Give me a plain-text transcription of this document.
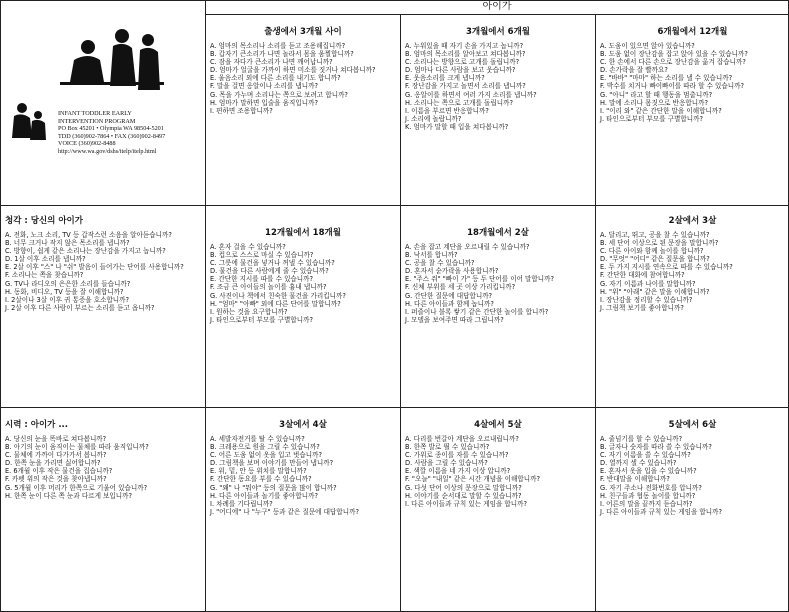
아이가
INFANT TODDLER EARLY
INTERVENTION PROGRAM
PO Box 45201 • Olympia WA 98504-5201
TDD (360)902-7864 • FAX (360)902-8497
VOICE (360)902-8488
http://www.wa.gov/dshs/itelp/itelp.html
출생에서 3개월 사이
A. 엄마의 목소리나 소리를 듣고 조용해집니까?
B. 갑자기 큰소리가 나면 놀라서 몸을 움찔합니까?
C. 잠을 자다가 큰소리가 나면 깨어납니까?
D. 엄마가 얼굴을 가까이 하면 미소를 짓거나 쳐다봅니까?
E. 울음소리 외에 다른 소리를 내기도 합니까?
F. 말을 걸면 옹알이나 소리를 냅니까?
G. 목을 가누며 소리나는 쪽으로 보려고 합니까?
H. 엄마가 말하면 입술을 움직입니까?
I. 편하면 조용합니까?
3개월에서 6개월
A. 누워있을 때 자기 손을 가지고 놉니까?
B. 엄마의 목소리를 알아보고 쳐다봅니까?
C. 소리나는 방향으로 고개를 돌립니까?
D. 엄마나 다른 사람을 보고 웃습니까?
E. 웃음소리를 크게 냅니까?
F. 장난감을 가지고 놀면서 소리를 냅니까?
G. 옹알이를 하면서 여러 가지 소리를 냅니까?
H. 소리나는 쪽으로 고개를 돌립니까?
I. 이름을 부르면 반응합니까?
J. 소리에 놀랍니까?
K. 엄마가 말할 때 입을 쳐다봅니까?
6개월에서 12개월
A. 도움이 있으면 앉아 있습니까?
B. 도움 없이 장난감을 잡고 앉아 있을 수 있습니까?
C. 한 손에서 다른 손으로 장난감을 옮겨 잡습니까?
D. 손가락을 잘 빨까요?
E. "바바" "마마" 하는 소리를 낼 수 있습니까?
F. 박수를 치거나 빠이빠이를 따라 할 수 있습니까?
G. "아니" 라고 할 때 행동을 멈춥니까?
H. 말에 소리나 몸짓으로 반응합니까?
I. "이리 와" 같은 간단한 말을 이해합니까?
J. 타인으로부터 부모를 구별합니까?
청각 : 당신의 아이가
A. 전화, 노크 소리, TV 등 갑작스런 소음을 알아듣습니까?
B. 너무 크거나 작지 않은 목소리를 냅니까?
C. 방향이, 쉽게 같은 소리나는 장난감을 가지고 놉니까?
D. 1살 이후 소리를 냅니까?
E. 2살 이후 "스" 나 "쉬" 발음이 들어가는 단어를 사용합니까?
F. 소리나는 쪽을 찾습니까?
G. TV나 라디오의 은은한 소리를 들습니까?
H. 동화, 비디오, TV 등을 잘 이해합니까?
I. 2살이나 3살 이후 귀 통증을 호소합니까?
J. 2살 이후 다른 사람이 부르는 소리를 듣고 옵니까?
12개월에서 18개월
A. 혼자 걸을 수 있습니까?
B. 컵으로 스스로 마실 수 있습니까?
C. 그릇에 물건을 넣거나 꺼낼 수 있습니까?
D. 물건을 다른 사람에게 줄 수 있습니까?
E. 간단한 지시를 따를 수 있습니까?
F. 조금 큰 아이들의 놀이를 흉내 냅니까?
G. 사진이나 책에서 친숙한 물건을 가리킵니까?
H. "엄마" "아빠" 외에 다른 단어를 말합니까?
I. 원하는 것을 요구합니까?
J. 타인으로부터 부모를 구별합니까?
18개월에서 2살
A. 손을 잡고 계단을 오르내릴 수 있습니까?
B. 낙서를 합니까?
C. 공을 찰 수 있습니까?
D. 혼자서 숟가락을 사용합니까?
E. "주스 줘" "빠이 가" 등 두 단어를 이어 말합니까?
F. 신체 부위를 세 곳 이상 가리킵니까?
G. 간단한 질문에 대답합니까?
H. 다른 아이들과 함께 놉니까?
I. 퍼즐이나 블록 쌓기 같은 간단한 놀이를 합니까?
J. 모델을 보여주면 따라 그립니까?
2살에서 3살
A. 달리고, 뛰고, 공을 찰 수 있습니까?
B. 세 단어 이상으로 된 문장을 말합니까?
C. 다른 아이와 함께 놀이를 합니까?
D. "무엇" "어디" 같은 질문을 합니까?
E. 두 가지 지시를 연속으로 따를 수 있습니까?
F. 간단한 대화에 참여합니까?
G. 자기 이름과 나이를 말합니까?
H. "위" "아래" 같은 말을 이해합니까?
I. 장난감을 정리할 수 있습니까?
J. 그림책 보기를 좋아합니까?
시력 : 아이가 ...
A. 당신의 눈을 똑바로 쳐다봅니까?
B. 아기의 눈이 움직이는 물체를 따라 움직입니까?
C. 물체에 가까이 다가가서 봅니까?
D. 한쪽 눈을 가리면 싫어합니까?
E. 6개월 이후 작은 물건을 집습니까?
F. 카펫 위의 작은 것을 찾아냅니까?
G. 5개월 이후 머리가 한쪽으로 기울어 있습니까?
H. 한쪽 눈이 다른 쪽 눈과 다르게 보입니까?
3살에서 4살
A. 세발자전거를 탈 수 있습니까?
B. 크레용으로 원을 그릴 수 있습니까?
C. 어른 도움 없이 옷을 입고 벗습니까?
D. 그림책을 보며 이야기를 만들어 냅니까?
E. 위, 밑, 안 등 위치를 말합니까?
F. 간단한 동요를 부를 수 있습니까?
G. "왜" 나 "뭐야" 등의 질문을 많이 합니까?
H. 다른 아이들과 놀기를 좋아합니까?
I. 차례를 기다립니까?
J. "어디에" 나 "누구" 등과 같은 질문에 대답합니까?
4살에서 5살
A. 다리를 번갈아 계단을 오르내립니까?
B. 한쪽 발로 뛸 수 있습니까?
C. 가위로 종이를 자를 수 있습니까?
D. 사람을 그릴 수 있습니까?
E. 색깔 이름을 네 가지 이상 압니까?
F. "오늘" "내일" 같은 시간 개념을 이해합니까?
G. 다섯 단어 이상의 문장으로 말합니까?
H. 이야기를 순서대로 말할 수 있습니까?
I. 다른 아이들과 규칙 있는 게임을 합니까?
5살에서 6살
A. 줄넘기를 할 수 있습니까?
B. 글자나 숫자를 따라 쓸 수 있습니까?
C. 자기 이름을 쓸 수 있습니까?
D. 열까지 셀 수 있습니까?
E. 혼자서 옷을 입을 수 있습니까?
F. 반대말을 이해합니까?
G. 자기 주소나 전화번호를 압니까?
H. 친구들과 협동 놀이를 합니까?
I. 어른의 말을 끝까지 듣습니까?
J. 다른 아이들과 규칙 있는 게임을 합니까?
